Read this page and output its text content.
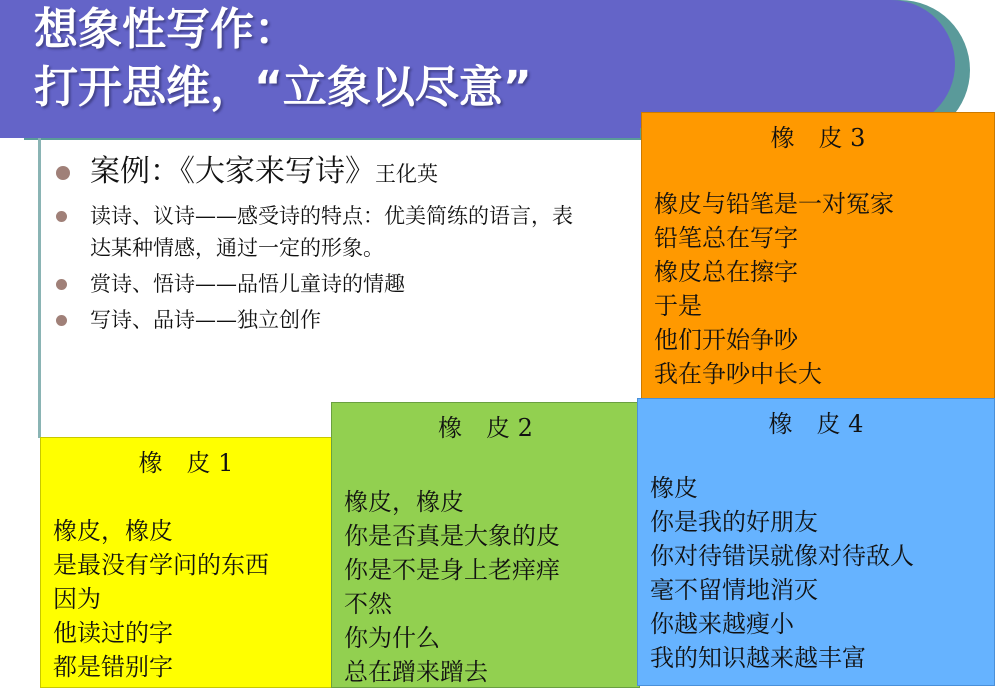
想象性写作：
打开思维，“立象以尽意”
案例：《大家来写诗》王化英
读诗、议诗——感受诗的特点：优美简练的语言，表达某种情感，通过一定的形象。
赏诗、悟诗——品悟儿童诗的情趣
写诗、品诗——独立创作
橡　皮 3
橡皮与铅笔是一对冤家
铅笔总在写字
橡皮总在擦字
于是
他们开始争吵
我在争吵中长大
橡　皮 1
橡皮，橡皮
是最没有学问的东西
因为
他读过的字
都是错别字
橡　皮 2
橡皮，橡皮
你是否真是大象的皮
你是不是身上老痒痒
不然
你为什么
总在蹭来蹭去
橡　皮 4
橡皮
你是我的好朋友
你对待错误就像对待敌人
毫不留情地消灭
你越来越瘦小
我的知识越来越丰富
